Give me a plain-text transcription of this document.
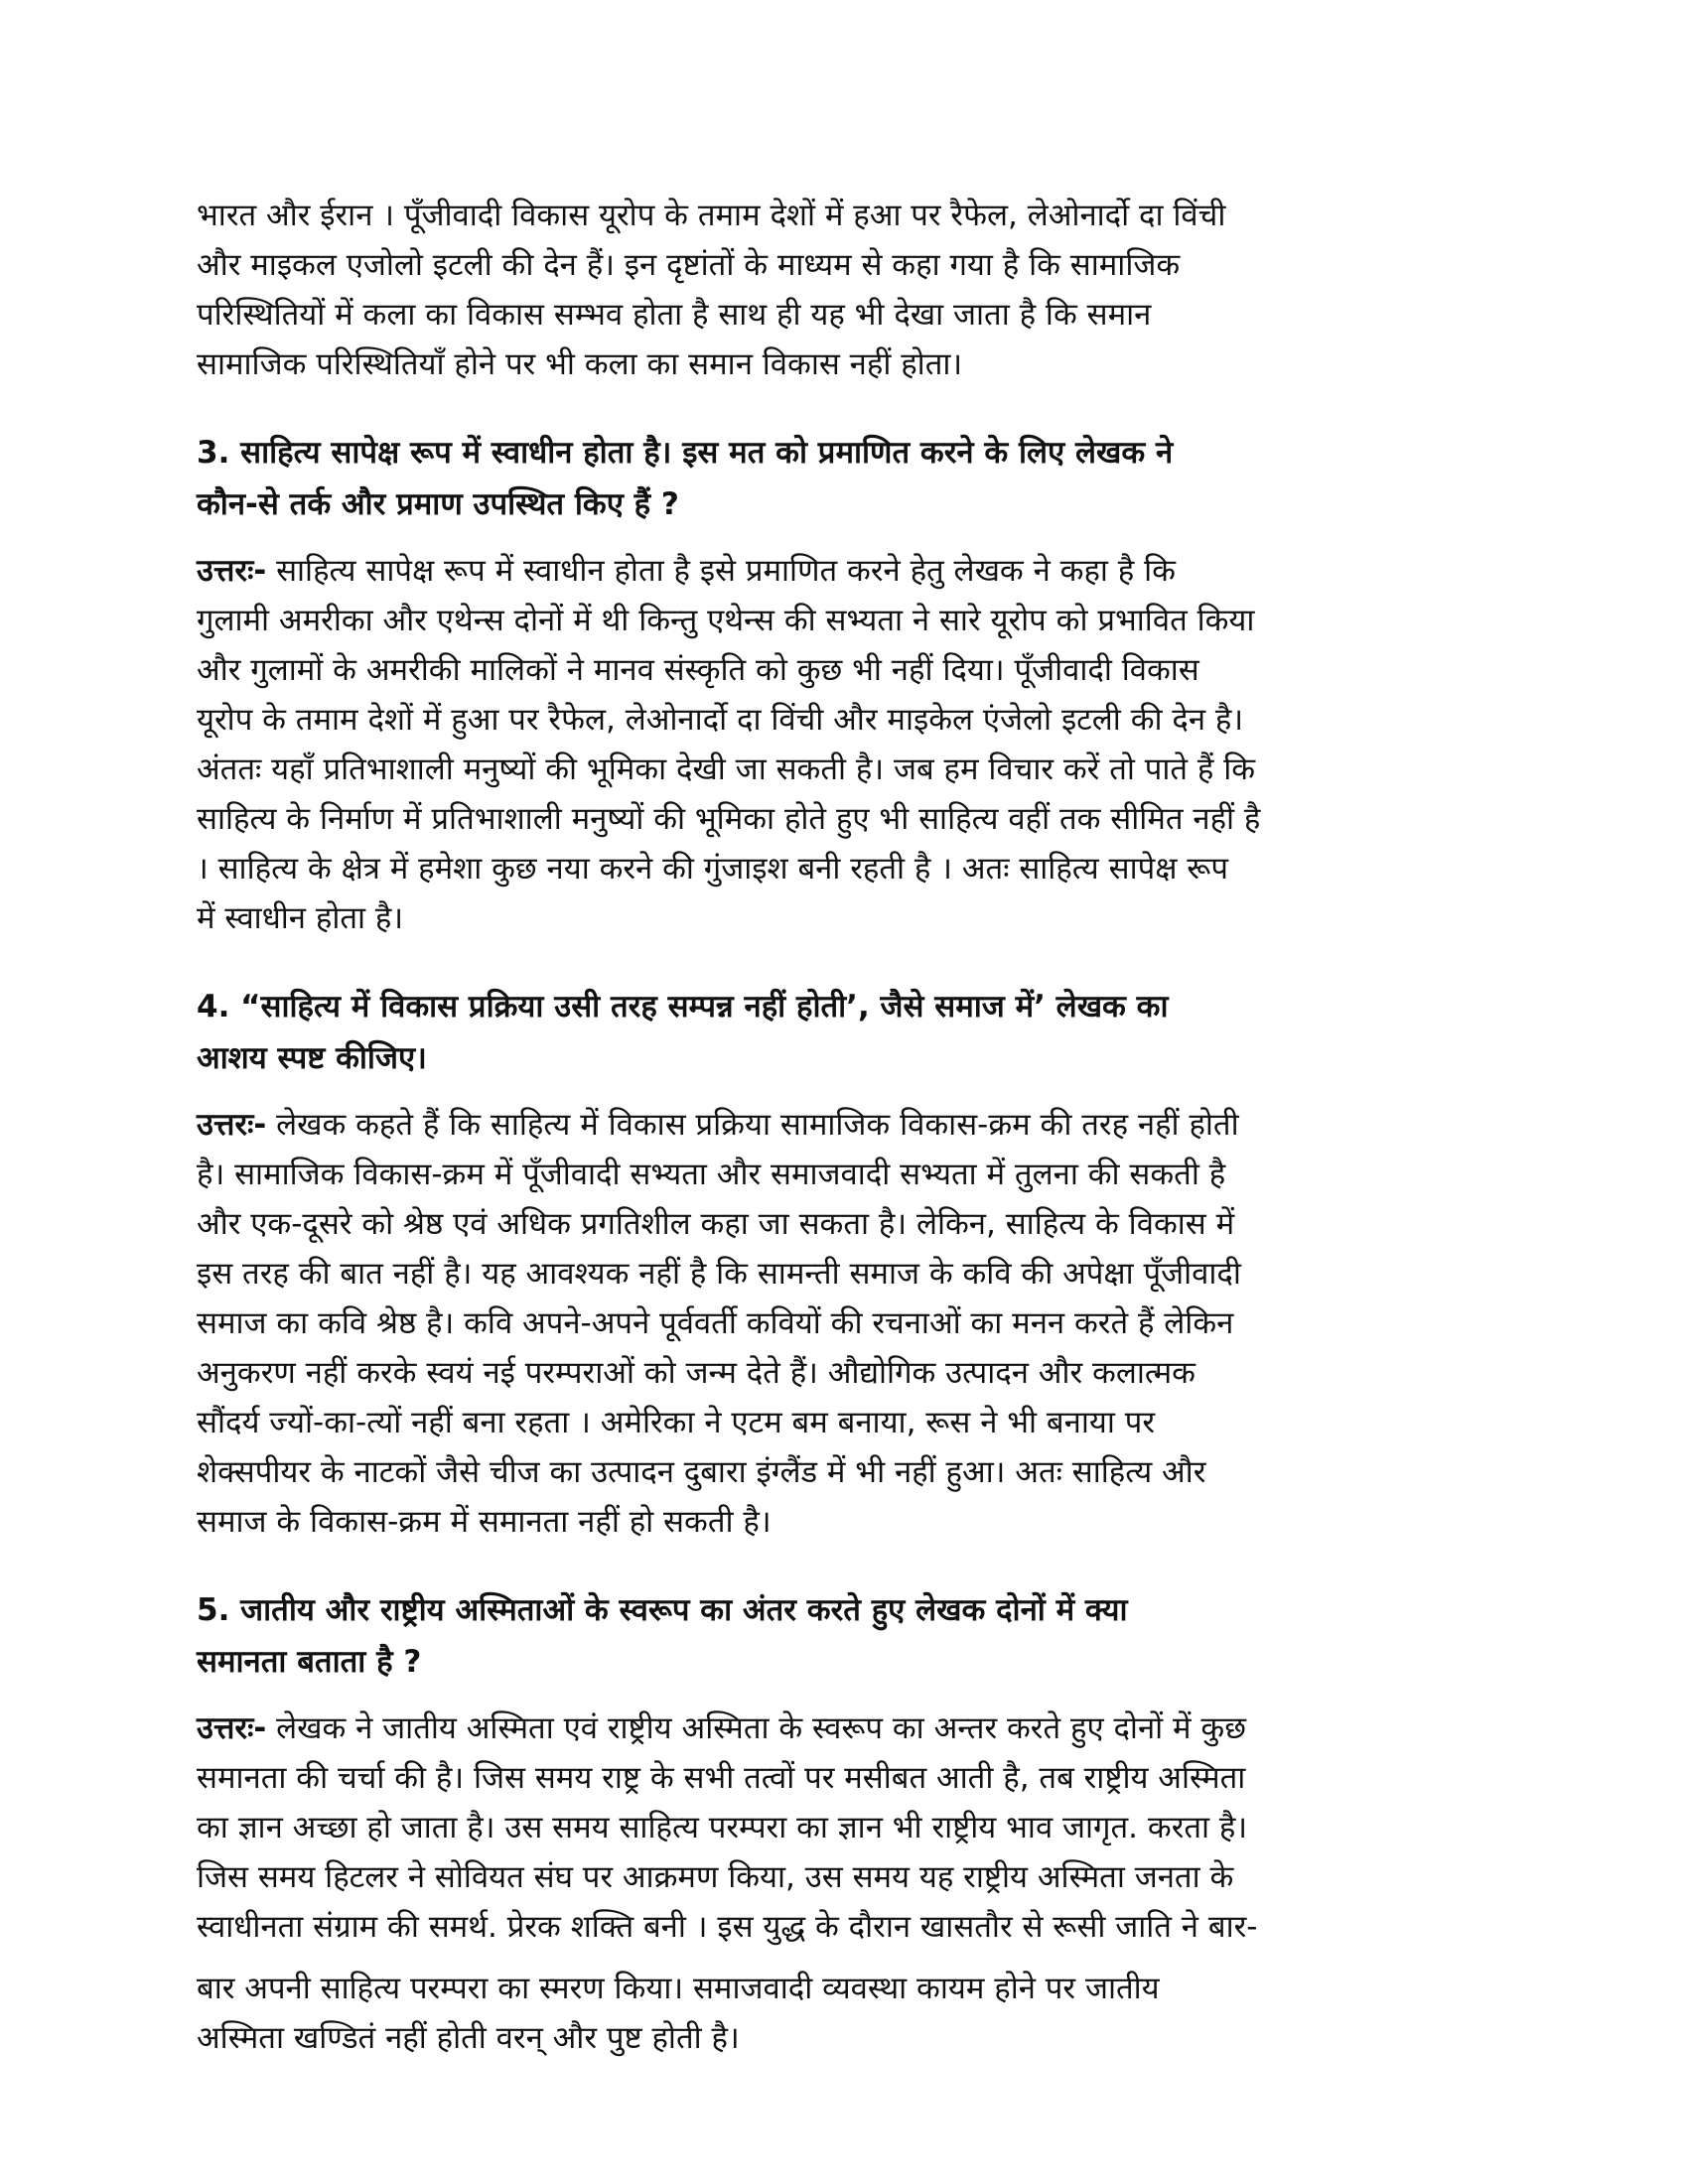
भारत और ईरान । पूँजीवादी विकास यूरोप के तमाम देशों में हआ पर रैफेल, लेओनार्दो दा विंची
और माइकल एजोलो इटली की देन हैं। इन दृष्टांतों के माध्यम से कहा गया है कि सामाजिक
परिस्थितियों में कला का विकास सम्भव होता है साथ ही यह भी देखा जाता है कि समान
सामाजिक परिस्थितियाँ होने पर भी कला का समान विकास नहीं होता।
3. साहित्य सापेक्ष रूप में स्वाधीन होता है। इस मत को प्रमाणित करने के लिए लेखक ने
कौन-से तर्क और प्रमाण उपस्थित किए हैं ?
उत्तरः- साहित्य सापेक्ष रूप में स्वाधीन होता है इसे प्रमाणित करने हेतु लेखक ने कहा है कि
गुलामी अमरीका और एथेन्स दोनों में थी किन्तु एथेन्स की सभ्यता ने सारे यूरोप को प्रभावित किया
और गुलामों के अमरीकी मालिकों ने मानव संस्कृति को कुछ भी नहीं दिया। पूँजीवादी विकास
यूरोप के तमाम देशों में हुआ पर रैफेल, लेओनार्दो दा विंची और माइकेल एंजेलो इटली की देन है।
अंततः यहाँ प्रतिभाशाली मनुष्यों की भूमिका देखी जा सकती है। जब हम विचार करें तो पाते हैं कि
साहित्य के निर्माण में प्रतिभाशाली मनुष्यों की भूमिका होते हुए भी साहित्य वहीं तक सीमित नहीं है
। साहित्य के क्षेत्र में हमेशा कुछ नया करने की गुंजाइश बनी रहती है । अतः साहित्य सापेक्ष रूप
में स्वाधीन होता है।
4. “साहित्य में विकास प्रक्रिया उसी तरह सम्पन्न नहीं होती’, जैसे समाज में’ लेखक का
आशय स्पष्ट कीजिए।
उत्तरः- लेखक कहते हैं कि साहित्य में विकास प्रक्रिया सामाजिक विकास-क्रम की तरह नहीं होती
है। सामाजिक विकास-क्रम में पूँजीवादी सभ्यता और समाजवादी सभ्यता में तुलना की सकती है
और एक-दूसरे को श्रेष्ठ एवं अधिक प्रगतिशील कहा जा सकता है। लेकिन, साहित्य के विकास में
इस तरह की बात नहीं है। यह आवश्यक नहीं है कि सामन्ती समाज के कवि की अपेक्षा पूँजीवादी
समाज का कवि श्रेष्ठ है। कवि अपने-अपने पूर्ववर्ती कवियों की रचनाओं का मनन करते हैं लेकिन
अनुकरण नहीं करके स्वयं नई परम्पराओं को जन्म देते हैं। औद्योगिक उत्पादन और कलात्मक
सौंदर्य ज्यों-का-त्यों नहीं बना रहता । अमेरिका ने एटम बम बनाया, रूस ने भी बनाया पर
शेक्सपीयर के नाटकों जैसे चीज का उत्पादन दुबारा इंग्लैंड में भी नहीं हुआ। अतः साहित्य और
समाज के विकास-क्रम में समानता नहीं हो सकती है।
5. जातीय और राष्ट्रीय अस्मिताओं के स्वरूप का अंतर करते हुए लेखक दोनों में क्या
समानता बताता है ?
उत्तरः- लेखक ने जातीय अस्मिता एवं राष्ट्रीय अस्मिता के स्वरूप का अन्तर करते हुए दोनों में कुछ
समानता की चर्चा की है। जिस समय राष्ट्र के सभी तत्वों पर मसीबत आती है, तब राष्ट्रीय अस्मिता
का ज्ञान अच्छा हो जाता है। उस समय साहित्य परम्परा का ज्ञान भी राष्ट्रीय भाव जागृत. करता है।
जिस समय हिटलर ने सोवियत संघ पर आक्रमण किया, उस समय यह राष्ट्रीय अस्मिता जनता के
स्वाधीनता संग्राम की समर्थ. प्रेरक शक्ति बनी । इस युद्ध के दौरान खासतौर से रूसी जाति ने बार-
बार अपनी साहित्य परम्परा का स्मरण किया। समाजवादी व्यवस्था कायम होने पर जातीय
अस्मिता खण्डितं नहीं होती वरन् और पुष्ट होती है।
